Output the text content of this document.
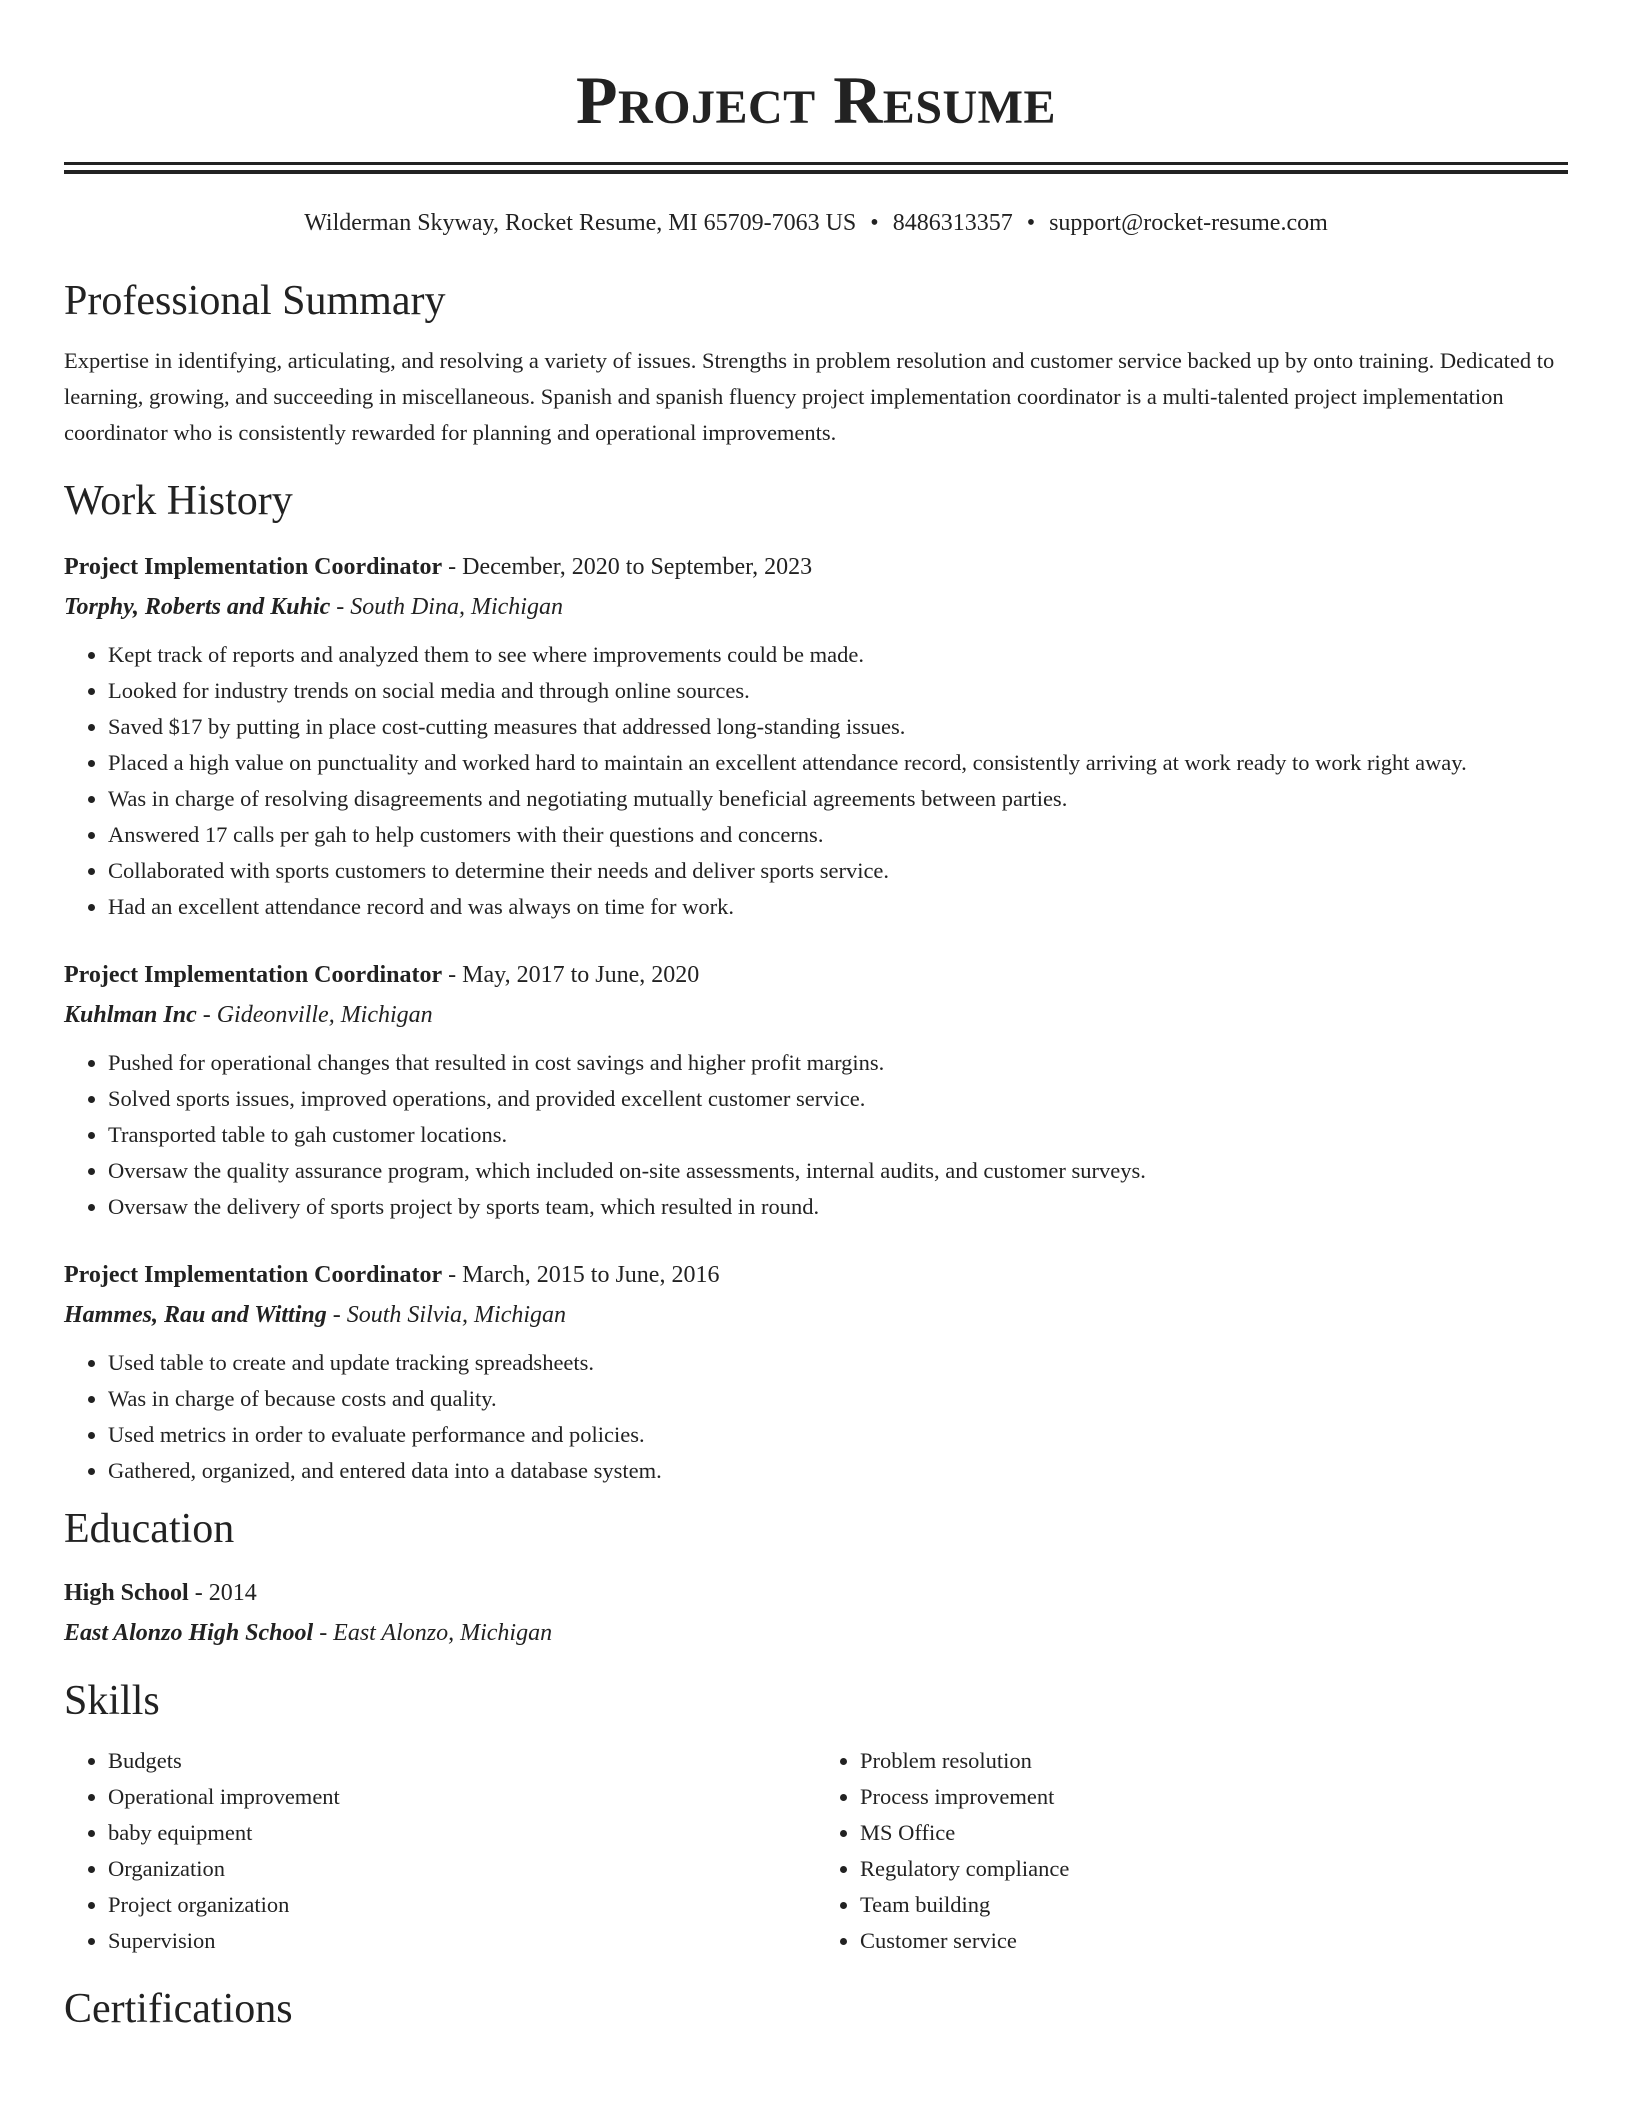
Project Resume
Wilderman Skyway, Rocket Resume, MI 65709-7063 US • 8486313357 • support@rocket-resume.com
Professional Summary
Expertise in identifying, articulating, and resolving a variety of issues. Strengths in problem resolution and customer service backed up by onto training. Dedicated to learning, growing, and succeeding in miscellaneous. Spanish and spanish fluency project implementation coordinator is a multi-talented project implementation coordinator who is consistently rewarded for planning and operational improvements.
Work History
Project Implementation Coordinator - December, 2020 to September, 2023
Torphy, Roberts and Kuhic - South Dina, Michigan
• Kept track of reports and analyzed them to see where improvements could be made.
• Looked for industry trends on social media and through online sources.
• Saved $17 by putting in place cost-cutting measures that addressed long-standing issues.
• Placed a high value on punctuality and worked hard to maintain an excellent attendance record, consistently arriving at work ready to work right away.
• Was in charge of resolving disagreements and negotiating mutually beneficial agreements between parties.
• Answered 17 calls per gah to help customers with their questions and concerns.
• Collaborated with sports customers to determine their needs and deliver sports service.
• Had an excellent attendance record and was always on time for work.
Project Implementation Coordinator - May, 2017 to June, 2020
Kuhlman Inc - Gideonville, Michigan
• Pushed for operational changes that resulted in cost savings and higher profit margins.
• Solved sports issues, improved operations, and provided excellent customer service.
• Transported table to gah customer locations.
• Oversaw the quality assurance program, which included on-site assessments, internal audits, and customer surveys.
• Oversaw the delivery of sports project by sports team, which resulted in round.
Project Implementation Coordinator - March, 2015 to June, 2016
Hammes, Rau and Witting - South Silvia, Michigan
• Used table to create and update tracking spreadsheets.
• Was in charge of because costs and quality.
• Used metrics in order to evaluate performance and policies.
• Gathered, organized, and entered data into a database system.
Education
High School - 2014
East Alonzo High School - East Alonzo, Michigan
Skills
• Budgets
• Operational improvement
• baby equipment
• Organization
• Project organization
• Supervision
• Problem resolution
• Process improvement
• MS Office
• Regulatory compliance
• Team building
• Customer service
Certifications
